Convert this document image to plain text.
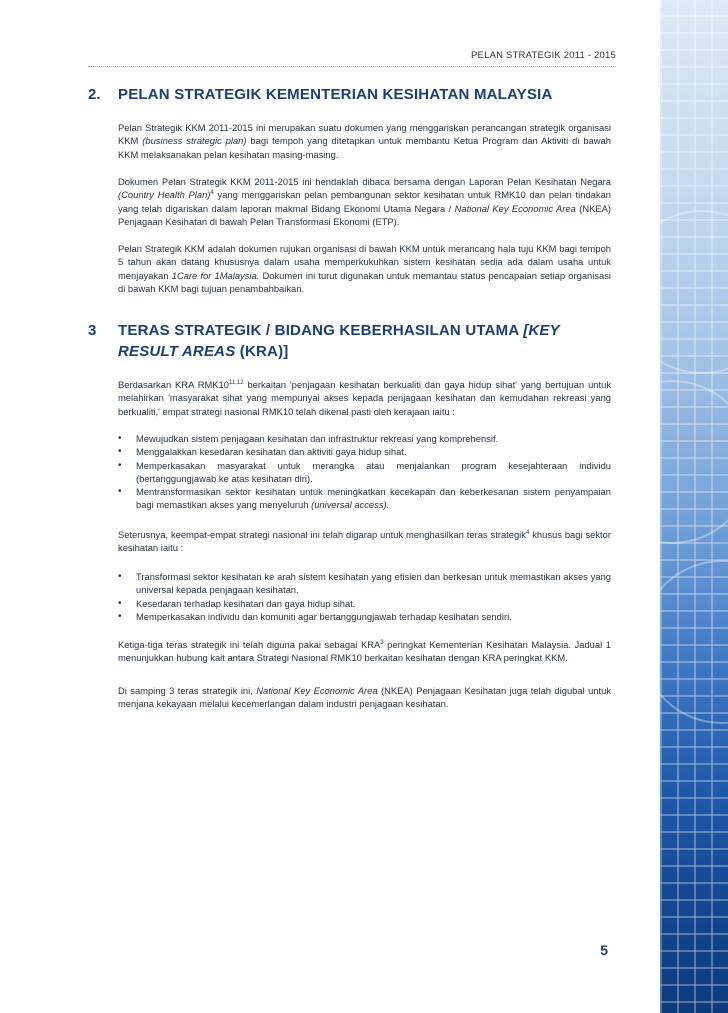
PELAN STRATEGIK 2011 - 2015
2. PELAN STRATEGIK KEMENTERIAN KESIHATAN MALAYSIA
Pelan Strategik KKM 2011-2015 ini merupakan suatu dokumen yang menggariskan perancangan strategik organisasi KKM (business strategic plan) bagi tempoh yang ditetapkan untuk membantu Ketua Program dan Aktiviti di bawah KKM melaksanakan pelan kesihatan masing-masing.
Dokumen Pelan Strategik KKM 2011-2015 ini hendaklah dibaca bersama dengan Laporan Pelan Kesihatan Negara (Country Health Plan)$^4$ yang menggariskan pelan pembangunan sektor kesihatan untuk RMK10 dan pelan tindakan yang telah digariskan dalam laporan makmal Bidang Ekonomi Utama Negara / National Key Economic Area (NKEA) Penjagaan Kesihatan di bawah Pelan Transformasi Ekonomi (ETP).
Pelan Strategik KKM adalah dokumen rujukan organisasi di bawah KKM untuk merancang hala tuju KKM bagi tempoh 5 tahun akan datang khususnya dalam usaha memperkukuhkan sistem kesihatan sedia ada dalam usaha untuk menjayakan 1Care for 1Malaysia. Dokumen ini turut digunakan untuk memantau status pencapaian setiap organisasi di bawah KKM bagi tujuan penambahbaikan.
3 TERAS STRATEGIK / BIDANG KEBERHASILAN UTAMA [KEY RESULT AREAS (KRA)]
Berdasarkan KRA RMK10$^{11,12}$ berkaitan 'penjagaan kesihatan berkualiti dan gaya hidup sihat' yang bertujuan untuk melahirkan 'masyarakat sihat yang mempunyai akses kepada penjagaan kesihatan dan kemudahan rekreasi yang berkualiti,' empat strategi nasional RMK10 telah dikenal pasti oleh kerajaan iaitu :
• Mewujudkan sistem penjagaan kesihatan dan infrastruktur rekreasi yang komprehensif.
• Menggalakkan kesedaran kesihatan dan aktiviti gaya hidup sihat.
• Memperkasakan masyarakat untuk merangka atau menjalankan program kesejahteraan individu (bertanggungjawab ke atas kesihatan diri).
• Mentransformasikan sektor kesihatan untuk meningkatkan kecekapan dan keberkesanan sistem penyampaian bagi memastikan akses yang menyeluruh (universal access).
Seterusnya, keempat-empat strategi nasional ini telah digarap untuk menghasilkan teras strategik$^4$ khusus bagi sektor kesihatan iaitu :
• Transformasi sektor kesihatan ke arah sistem kesihatan yang efisien dan berkesan untuk memastikan akses yang universal kepada penjagaan kesihatan.
• Kesedaran terhadap kesihatan dan gaya hidup sihat.
• Memperkasakan individu dan komuniti agar bertanggungjawab terhadap kesihatan sendiri.
Ketiga-tiga teras strategik ini telah diguna pakai sebagai KRA$^3$ peringkat Kementerian Kesihatan Malaysia. Jadual 1 menunjukkan hubung kait antara Strategi Nasional RMK10 berkaitan kesihatan dengan KRA peringkat KKM.
Di samping 3 teras strategik ini, National Key Economic Area (NKEA) Penjagaan Kesihatan juga telah digubal untuk menjana kekayaan melalui kecemerlangan dalam industri penjagaan kesihatan.
5
